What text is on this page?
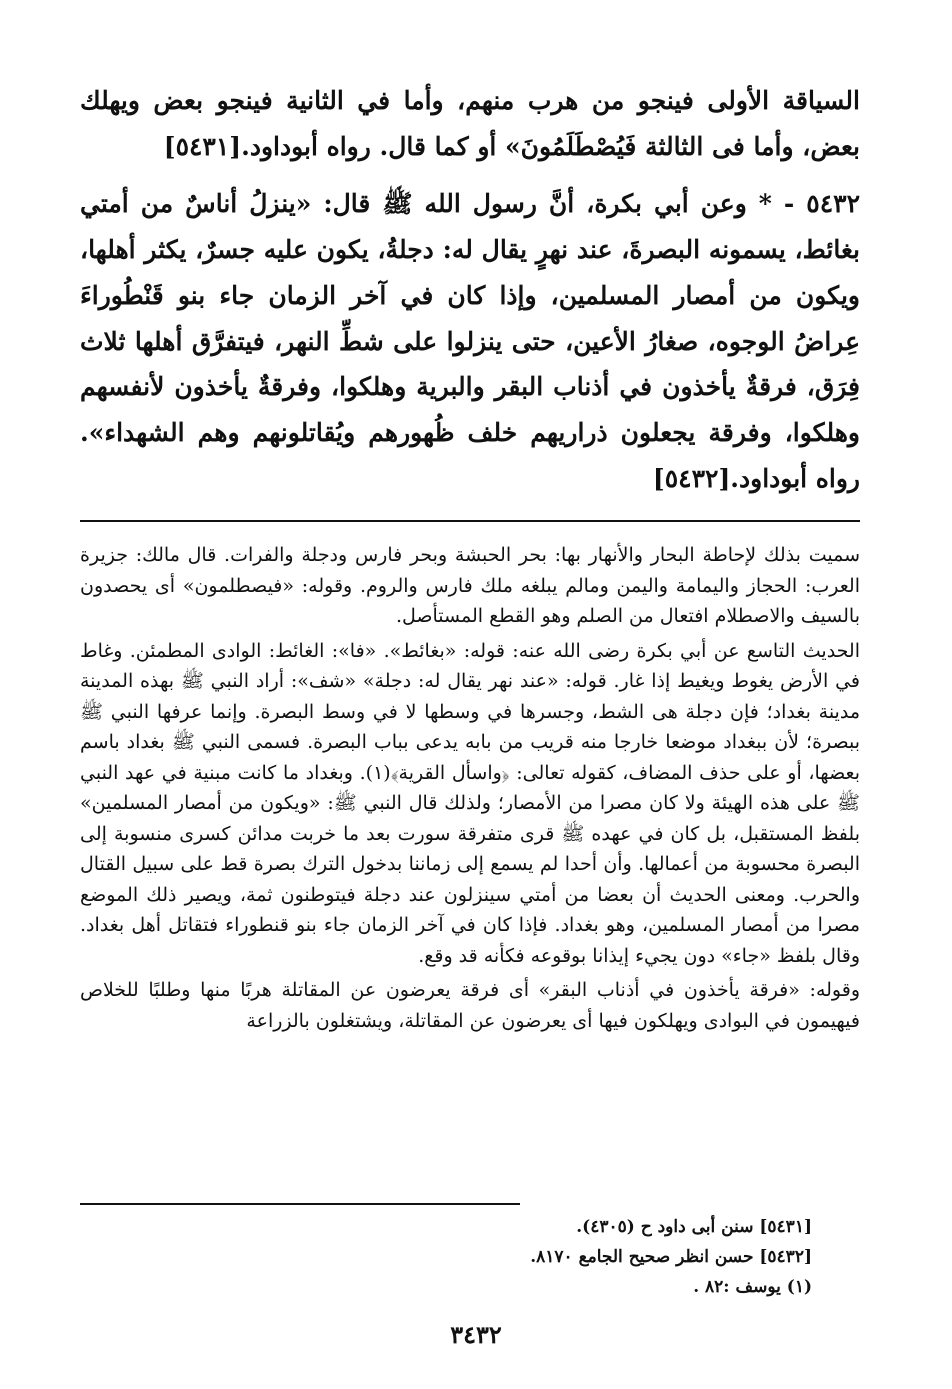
السياقة الأولى فينجو من هرب منهم، وأما في الثانية فينجو بعض ويهلك بعض، وأما فى الثالثة فَيُصْطَلَمُونَ» أو كما قال. رواه أبوداود.[٥٤٣١]

٥٤٣٢ - * وعن أبي بكرة، أنَّ رسول الله ﷺ قال: «ينزلُ أناسٌ من أمتي بغائط، يسمونه البصرةَ، عند نهرٍ يقال له: دجلةُ، يكون عليه جسرٌ، يكثر أهلها، ويكون من أمصار المسلمين، وإذا كان في آخر الزمان جاء بنو قَنْطُوراءَ عِراضُ الوجوه، صغارُ الأعين، حتى ينزلوا على شطِّ النهر، فيتفرَّق أهلها ثلاث فِرَق، فرقةٌ يأخذون في أذناب البقر والبرية وهلكوا، وفرقةٌ يأخذون لأنفسهم وهلكوا، وفرقة يجعلون ذراريهم خلف ظُهورهم ويُقاتلونهم وهم الشهداء». رواه أبوداود.[٥٤٣٢]

سميت بذلك لإحاطة البحار والأنهار بها: بحر الحبشة وبحر فارس ودجلة والفرات. قال مالك: جزيرة العرب: الحجاز واليمامة واليمن ومالم يبلغه ملك فارس والروم. وقوله: «فيصطلمون» أى يحصدون بالسيف والاصطلام افتعال من الصلم وهو القطع المستأصل.

الحديث التاسع عن أبي بكرة رضى الله عنه: قوله: «بغائط». «فا»: الغائط: الوادى المطمئن. وغاط في الأرض يغوط ويغيط إذا غار. قوله: «عند نهر يقال له: دجلة» «شف»: أراد النبي ﷺ بهذه المدينة مدينة بغداد؛ فإن دجلة هى الشط، وجسرها في وسطها لا في وسط البصرة. وإنما عرفها النبي ﷺ ببصرة؛ لأن ببغداد موضعا خارجا منه قريب من بابه يدعى بباب البصرة. فسمى النبي ﷺ بغداد باسم بعضها، أو على حذف المضاف، كقوله تعالى: ﴿واسأل القرية﴾(١). وبغداد ما كانت مبنية في عهد النبي ﷺ على هذه الهيئة ولا كان مصرا من الأمصار؛ ولذلك قال النبي ﷺ: «ويكون من أمصار المسلمين» بلفظ المستقبل، بل كان في عهده ﷺ قرى متفرقة سورت بعد ما خربت مدائن كسرى منسوبة إلى البصرة محسوبة من أعمالها. وأن أحدا لم يسمع إلى زماننا بدخول الترك بصرة قط على سبيل القتال والحرب. ومعنى الحديث أن بعضا من أمتي سينزلون عند دجلة فيتوطنون ثمة، ويصير ذلك الموضع مصرا من أمصار المسلمين، وهو بغداد. فإذا كان في آخر الزمان جاء بنو قنطوراء فتقاتل أهل بغداد. وقال بلفظ «جاء» دون يجيء إيذانا بوقوعه فكأنه قد وقع.

وقوله: «فرقة يأخذون في أذناب البقر» أى فرقة يعرضون عن المقاتلة هربًا منها وطلبًا للخلاص فيهيمون في البوادى ويهلكون فيها أى يعرضون عن المقاتلة، ويشتغلون بالزراعة

[٥٤٣١] سنن أبى داود ح (٤٣٠٥).
[٥٤٣٢] حسن انظر صحيح الجامع ٨١٧٠.
(١) يوسف :٨٢ .
٣٤٣٢
